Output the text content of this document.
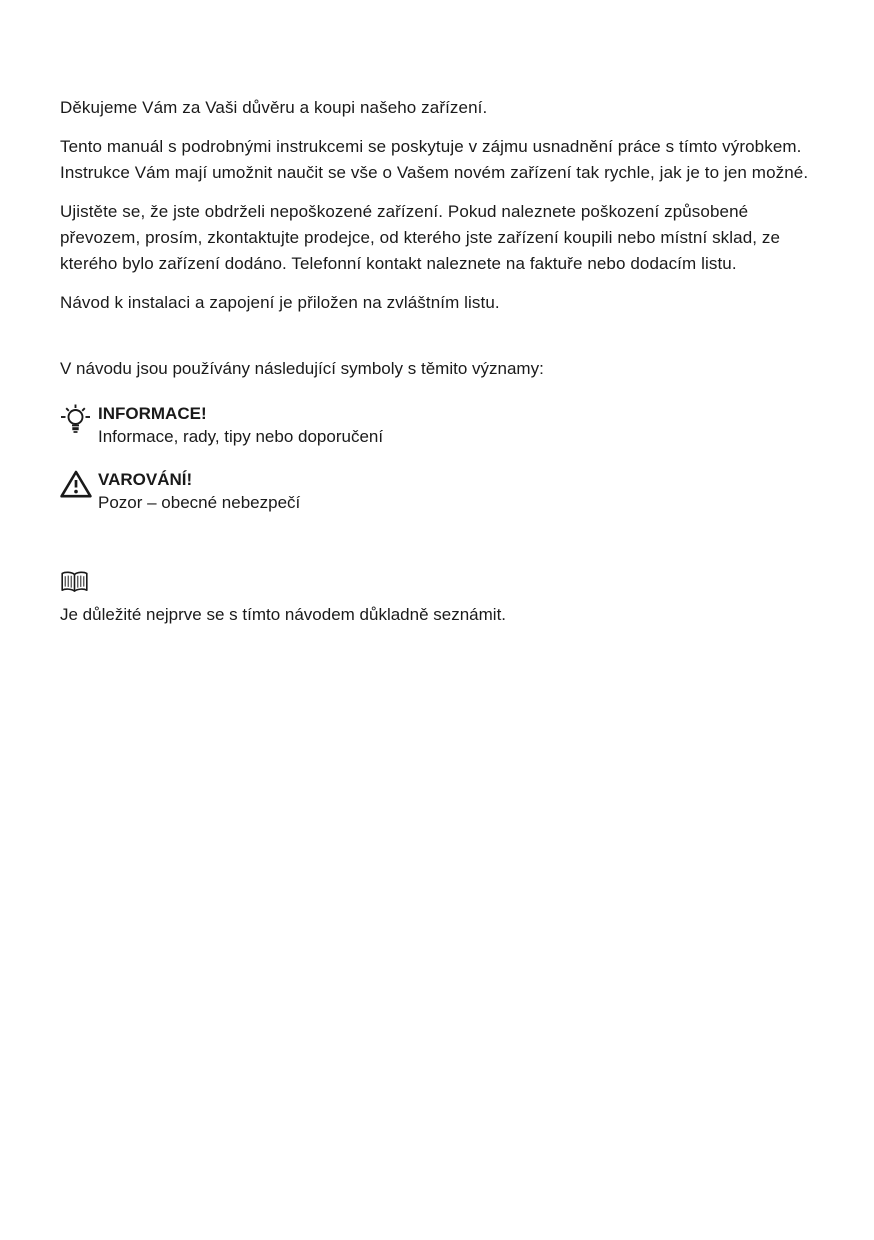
Děkujeme Vám za Vaši důvěru a koupi našeho zařízení.

Tento manuál s podrobnými instrukcemi se poskytuje v zájmu usnadnění práce s tímto výrobkem. Instrukce Vám mají umožnit naučit se vše o Vašem novém zařízení tak rychle, jak je to jen možné.

Ujistěte se, že jste obdrželi nepoškozené zařízení. Pokud naleznete poškození způsobené převozem, prosím, zkontaktujte prodejce, od kterého jste zařízení koupili nebo místní sklad, ze kterého bylo zařízení dodáno. Telefonní kontakt naleznete na faktuře nebo dodacím listu.

Návod k instalaci a zapojení je přiložen na zvláštním listu.

V návodu jsou používány následující symboly s těmito významy:

INFORMACE!
Informace, rady, tipy nebo doporučení
VAROVÁNÍ!
Pozor – obecné nebezpečí

Je důležité nejprve se s tímto návodem důkladně seznámit.
